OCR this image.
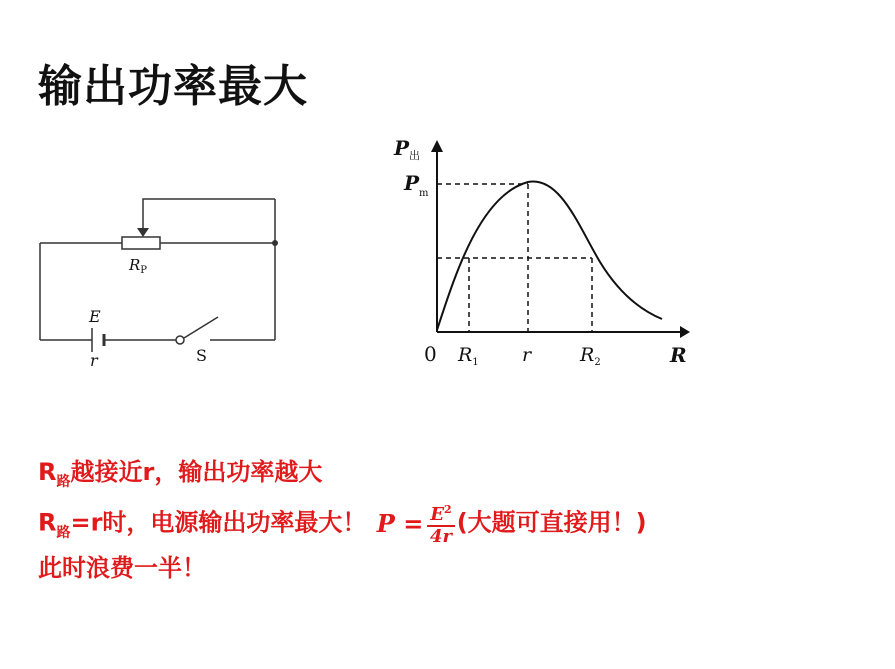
输出功率最大
$R_P$
E
r	S
$P_出$
$P_m$
0 $R_1$ r	$R_2$	R
$R_路$越接近r，输出功率越大
$R_路=r$时，电源输出功率最大！ $P = \frac{E^2}{4r}$ (大题可直接用！)
此时浪费一半！
